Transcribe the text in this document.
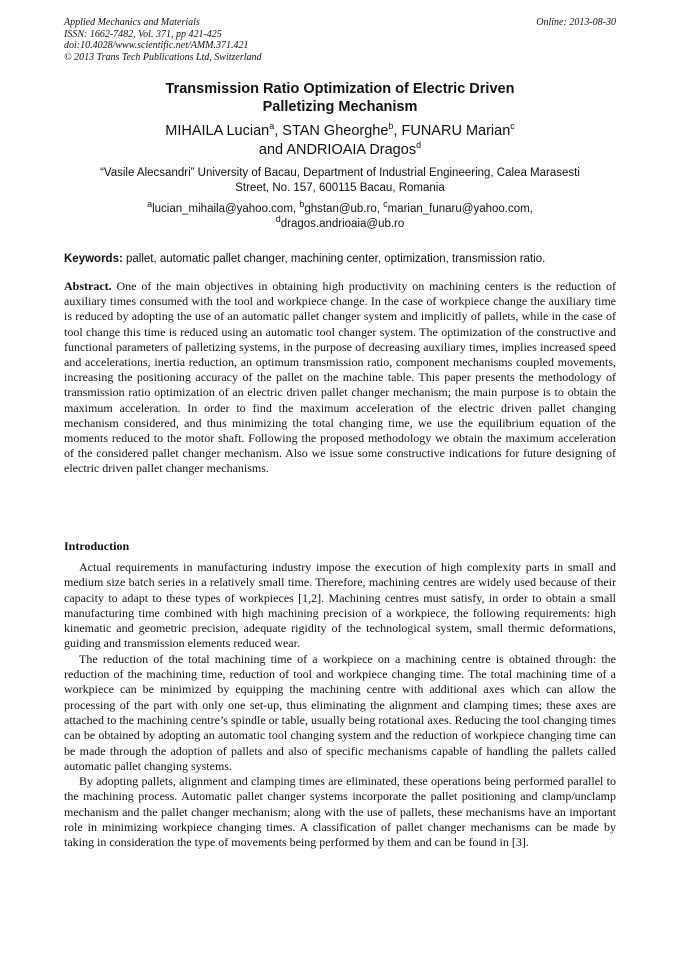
Applied Mechanics and Materials
ISSN: 1662-7482, Vol. 371, pp 421-425
doi:10.4028/www.scientific.net/AMM.371.421
© 2013 Trans Tech Publications Ltd, Switzerland
Online: 2013-08-30
Transmission Ratio Optimization of Electric Driven
Palletizing Mechanism
MIHAILA Lucian$^a$, STAN Gheorghe$^b$, FUNARU Marian$^c$
and ANDRIOAIA Dragos$^d$
“Vasile Alecsandri” University of Bacau, Department of Industrial Engineering, Calea Marasesti
Street, No. 157, 600115 Bacau, Romania
$^a$lucian_mihaila@yahoo.com, $^b$ghstan@ub.ro, $^c$marian_funaru@yahoo.com,
$^d$dragos.andrioaia@ub.ro
Keywords: pallet, automatic pallet changer, machining center, optimization, transmission ratio.
Abstract. One of the main objectives in obtaining high productivity on machining centers is the reduction of auxiliary times consumed with the tool and workpiece change. In the case of workpiece change the auxiliary time is reduced by adopting the use of an automatic pallet changer system and implicitly of pallets, while in the case of tool change this time is reduced using an automatic tool changer system. The optimization of the constructive and functional parameters of palletizing systems, in the purpose of decreasing auxiliary times, implies increased speed and accelerations, inertia reduction, an optimum transmission ratio, component mechanisms coupled movements, increasing the positioning accuracy of the pallet on the machine table. This paper presents the methodology of transmission ratio optimization of an electric driven pallet changer mechanism; the main purpose is to obtain the maximum acceleration. In order to find the maximum acceleration of the electric driven pallet changing mechanism considered, and thus minimizing the total changing time, we use the equilibrium equation of the moments reduced to the motor shaft. Following the proposed methodology we obtain the maximum acceleration of the considered pallet changer mechanism. Also we issue some constructive indications for future designing of electric driven pallet changer mechanisms.
Introduction

Actual requirements in manufacturing industry impose the execution of high complexity parts in small and medium size batch series in a relatively small time. Therefore, machining centres are widely used because of their capacity to adapt to these types of workpieces [1,2]. Machining centres must satisfy, in order to obtain a small manufacturing time combined with high machining precision of a workpiece, the following requirements: high kinematic and geometric precision, adequate rigidity of the technological system, small thermic deformations, guiding and transmission elements reduced wear.

The reduction of the total machining time of a workpiece on a machining centre is obtained through: the reduction of the machining time, reduction of tool and workpiece changing time. The total machining time of a workpiece can be minimized by equipping the machining centre with additional axes which can allow the processing of the part with only one set-up, thus eliminating the alignment and clamping times; these axes are attached to the machining centre’s spindle or table, usually being rotational axes. Reducing the tool changing times can be obtained by adopting an automatic tool changing system and the reduction of workpiece changing time can be made through the adoption of pallets and also of specific mechanisms capable of handling the pallets called automatic pallet changing systems.

By adopting pallets, alignment and clamping times are eliminated, these operations being performed parallel to the machining process. Automatic pallet changer systems incorporate the pallet positioning and clamp/unclamp mechanism and the pallet changer mechanism; along with the use of pallets, these mechanisms have an important role in minimizing workpiece changing times. A classification of pallet changer mechanisms can be made by taking in consideration the type of movements being performed by them and can be found in [3].
